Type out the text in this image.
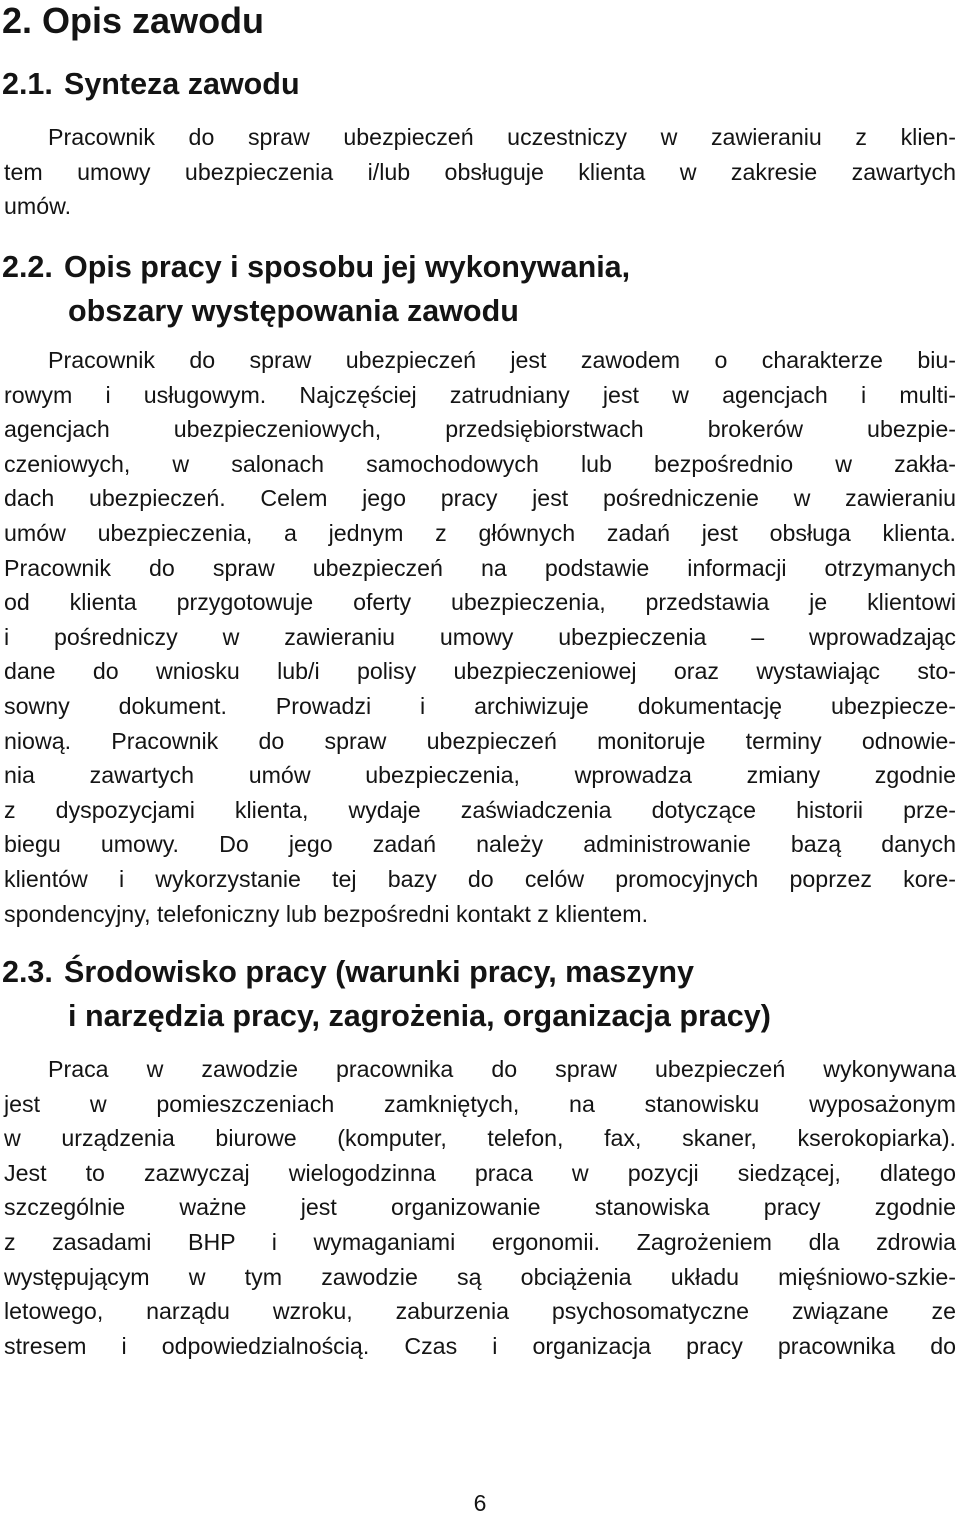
2. Opis zawodu
2.1. Synteza zawodu
Pracownik do spraw ubezpieczeń uczestniczy w zawieraniu z klien-
tem umowy ubezpieczenia i/lub obsługuje klienta w zakresie zawartych
umów.
2.2. Opis pracy i sposobu jej wykonywania,
obszary występowania zawodu
Pracownik do spraw ubezpieczeń jest zawodem o charakterze biu-
rowym i usługowym. Najczęściej zatrudniany jest w agencjach i multi-
agencjach ubezpieczeniowych, przedsiębiorstwach brokerów ubezpie-
czeniowych, w salonach samochodowych lub bezpośrednio w zakła-
dach ubezpieczeń. Celem jego pracy jest pośredniczenie w zawieraniu
umów ubezpieczenia, a jednym z głównych zadań jest obsługa klienta.
Pracownik do spraw ubezpieczeń na podstawie informacji otrzymanych
od klienta przygotowuje oferty ubezpieczenia, przedstawia je klientowi
i pośredniczy w zawieraniu umowy ubezpieczenia – wprowadzając
dane do wniosku lub/i polisy ubezpieczeniowej oraz wystawiając sto-
sowny dokument. Prowadzi i archiwizuje dokumentację ubezpiecze-
niową. Pracownik do spraw ubezpieczeń monitoruje terminy odnowie-
nia zawartych umów ubezpieczenia, wprowadza zmiany zgodnie
z dyspozycjami klienta, wydaje zaświadczenia dotyczące historii prze-
biegu umowy. Do jego zadań należy administrowanie bazą danych
klientów i wykorzystanie tej bazy do celów promocyjnych poprzez kore-
spondencyjny, telefoniczny lub bezpośredni kontakt z klientem.
2.3. Środowisko pracy (warunki pracy, maszyny
i narzędzia pracy, zagrożenia, organizacja pracy)
Praca w zawodzie pracownika do spraw ubezpieczeń wykonywana
jest w pomieszczeniach zamkniętych, na stanowisku wyposażonym
w urządzenia biurowe (komputer, telefon, fax, skaner, kserokopiarka).
Jest to zazwyczaj wielogodzinna praca w pozycji siedzącej, dlatego
szczególnie ważne jest organizowanie stanowiska pracy zgodnie
z zasadami BHP i wymaganiami ergonomii. Zagrożeniem dla zdrowia
występującym w tym zawodzie są obciążenia układu mięśniowo-szkie-
letowego, narządu wzroku, zaburzenia psychosomatyczne związane ze
stresem i odpowiedzialnością. Czas i organizacja pracy pracownika do
6
